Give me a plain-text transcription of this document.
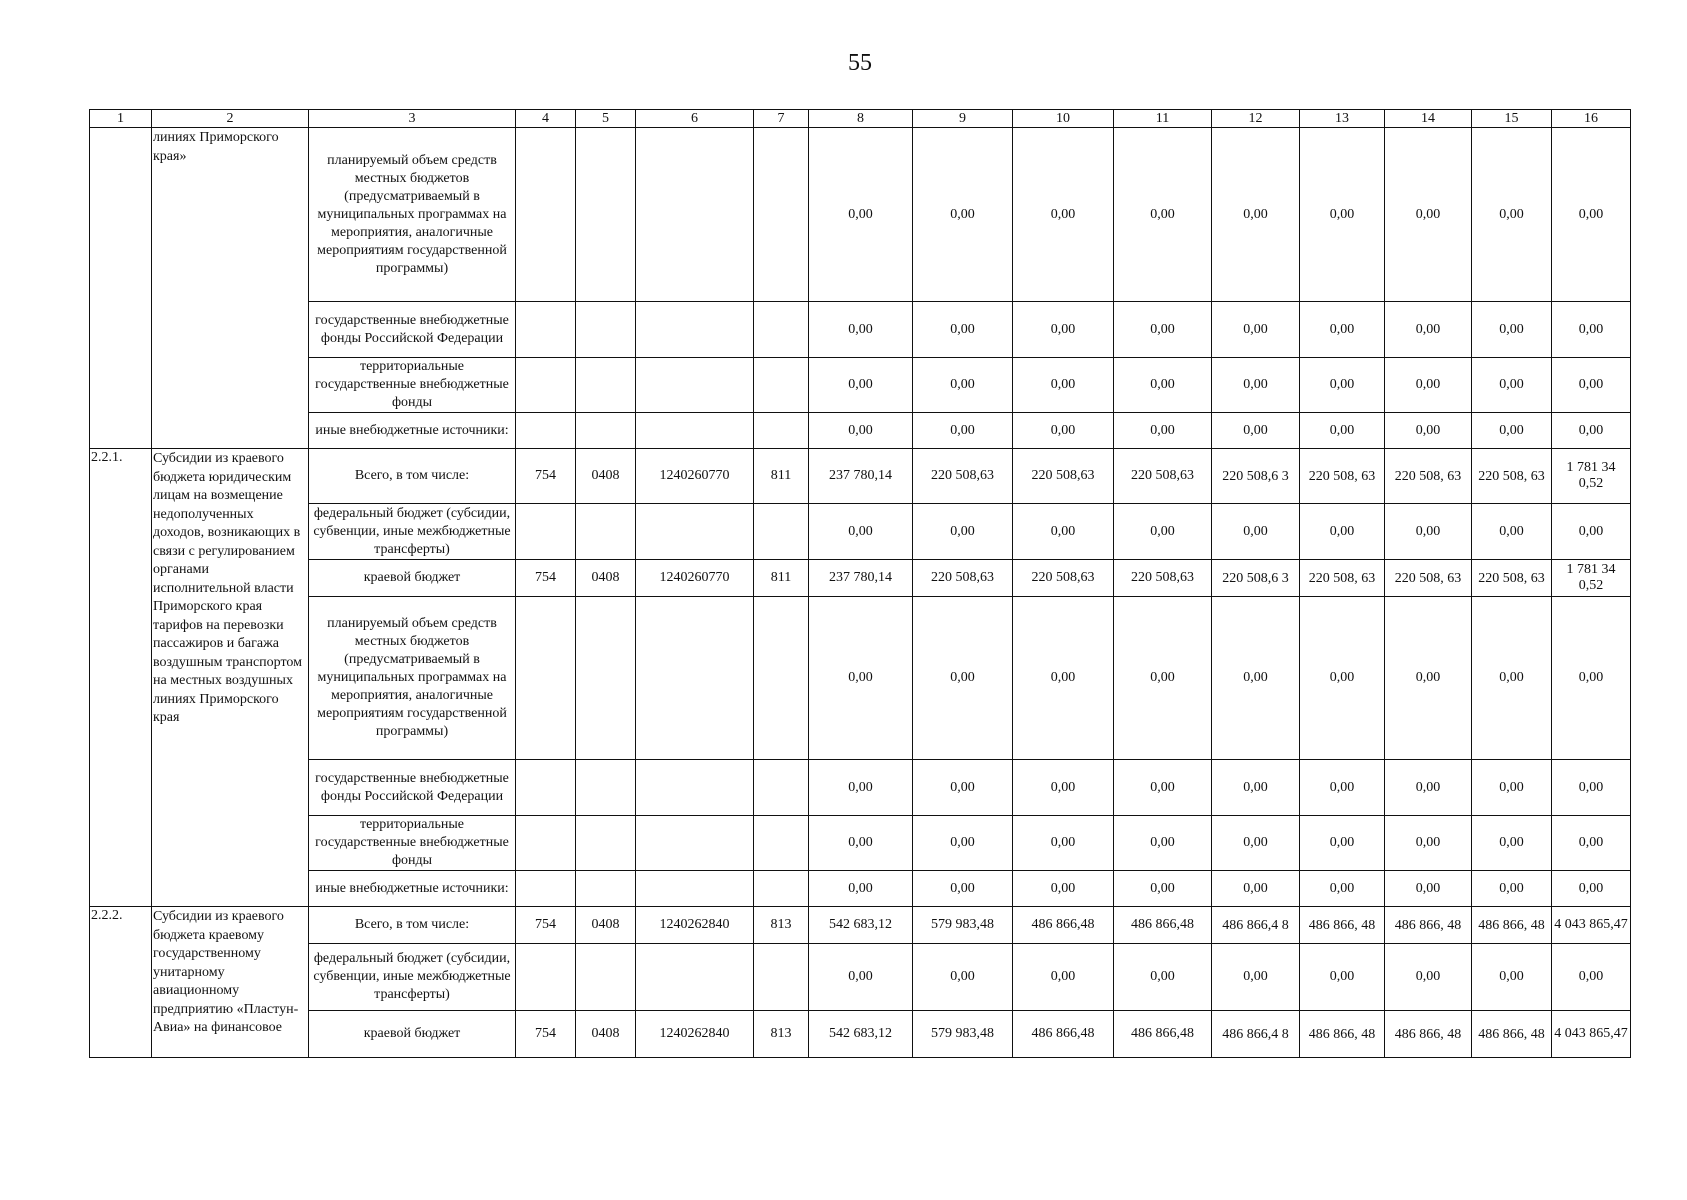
55
1	2	3	4	5	6	7	8	9	10	11	12	13	14	15	16
	линиях Приморского края»	планируемый объем средств местных бюджетов (предусматриваемый в муниципальных программах на мероприятия, аналогичные мероприятиям государственной программы)					0,00	0,00	0,00	0,00	0,00	0,00	0,00	0,00	0,00
		государственные внебюджетные фонды Российской Федерации					0,00	0,00	0,00	0,00	0,00	0,00	0,00	0,00	0,00
		территориальные государственные внебюджетные фонды					0,00	0,00	0,00	0,00	0,00	0,00	0,00	0,00	0,00
		иные внебюджетные источники:					0,00	0,00	0,00	0,00	0,00	0,00	0,00	0,00	0,00
2.2.1.	Субсидии из краевого бюджета юридическим лицам на возмещение недополученных доходов, возникающих в связи с регулированием органами исполнительной власти Приморского края тарифов на перевозки пассажиров и багажа воздушным транспортом на местных воздушных линиях Приморского края	Всего, в том числе:	754	0408	1240260770	811	237 780,14	220 508,63	220 508,63	220 508,63	220 508,6 3	220 508, 63	220 508, 63	220 508, 63	1 781 34 0,52
		федеральный бюджет (субсидии, субвенции, иные межбюджетные трансферты)					0,00	0,00	0,00	0,00	0,00	0,00	0,00	0,00	0,00
		краевой бюджет	754	0408	1240260770	811	237 780,14	220 508,63	220 508,63	220 508,63	220 508,6 3	220 508, 63	220 508, 63	220 508, 63	1 781 34 0,52
		планируемый объем средств местных бюджетов (предусматриваемый в муниципальных программах на мероприятия, аналогичные мероприятиям государственной программы)					0,00	0,00	0,00	0,00	0,00	0,00	0,00	0,00	0,00
		государственные внебюджетные фонды Российской Федерации					0,00	0,00	0,00	0,00	0,00	0,00	0,00	0,00	0,00
		территориальные государственные внебюджетные фонды					0,00	0,00	0,00	0,00	0,00	0,00	0,00	0,00	0,00
		иные внебюджетные источники:					0,00	0,00	0,00	0,00	0,00	0,00	0,00	0,00	0,00
2.2.2.	Субсидии из краевого бюджета краевому государственному унитарному авиационному предприятию «Пластун-Авиа» на финансовое	Всего, в том числе:	754	0408	1240262840	813	542 683,12	579 983,48	486 866,48	486 866,48	486 866,4 8	486 866, 48	486 866, 48	486 866, 48	4 043 865,47
		федеральный бюджет (субсидии, субвенции, иные межбюджетные трансферты)					0,00	0,00	0,00	0,00	0,00	0,00	0,00	0,00	0,00
		краевой бюджет	754	0408	1240262840	813	542 683,12	579 983,48	486 866,48	486 866,48	486 866,4 8	486 866, 48	486 866, 48	486 866, 48	4 043 865,47
